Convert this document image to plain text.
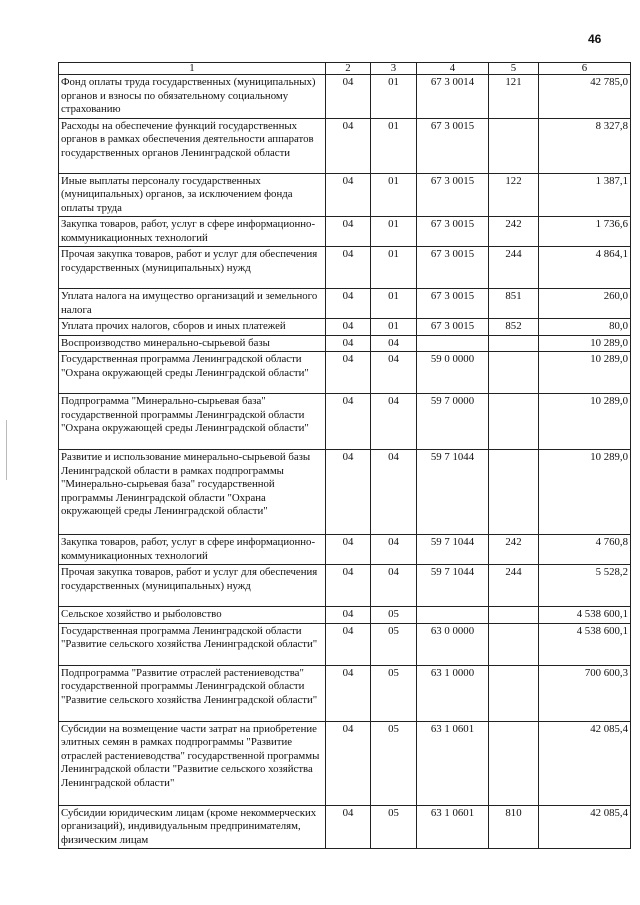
46
1	2	3	4	5	6
Фонд оплаты труда государственных (муниципальных) органов и взносы по обязательному социальному страхованию	04	01	67 3 0014	121	42 785,0
Расходы на обеспечение функций государственных органов в рамках обеспечения деятельности аппаратов государственных органов Ленинградской области	04	01	67 3 0015		8 327,8
Иные выплаты персоналу государственных (муниципальных) органов, за исключением фонда оплаты труда	04	01	67 3 0015	122	1 387,1
Закупка товаров, работ, услуг в сфере информационно-коммуникационных технологий	04	01	67 3 0015	242	1 736,6
Прочая закупка товаров, работ и услуг для обеспечения государственных (муниципальных) нужд	04	01	67 3 0015	244	4 864,1
Уплата налога на имущество организаций и земельного налога	04	01	67 3 0015	851	260,0
Уплата прочих налогов, сборов и иных платежей	04	01	67 3 0015	852	80,0
Воспроизводство минерально-сырьевой базы	04	04			10 289,0
Государственная программа Ленинградской области "Охрана окружающей среды Ленинградской области"	04	04	59 0 0000		10 289,0
Подпрограмма "Минерально-сырьевая база" государственной программы Ленинградской области "Охрана окружающей среды Ленинградской области"	04	04	59 7 0000		10 289,0
Развитие и использование минерально-сырьевой базы Ленинградской области в рамках подпрограммы "Минерально-сырьевая база" государственной программы Ленинградской области "Охрана окружающей среды Ленинградской области"	04	04	59 7 1044		10 289,0
Закупка товаров, работ, услуг в сфере информационно-коммуникационных технологий	04	04	59 7 1044	242	4 760,8
Прочая закупка товаров, работ и услуг для обеспечения государственных (муниципальных) нужд	04	04	59 7 1044	244	5 528,2
Сельское хозяйство и рыболовство	04	05			4 538 600,1
Государственная программа Ленинградской области "Развитие сельского хозяйства Ленинградской области"	04	05	63 0 0000		4 538 600,1
Подпрограмма "Развитие отраслей растениеводства" государственной программы Ленинградской области "Развитие сельского хозяйства Ленинградской области"	04	05	63 1 0000		700 600,3
Субсидии на возмещение части затрат на приобретение элитных семян в рамках подпрограммы "Развитие отраслей растениеводства" государственной программы Ленинградской области "Развитие сельского хозяйства Ленинградской области"	04	05	63 1 0601		42 085,4
Субсидии юридическим лицам (кроме некоммерческих организаций), индивидуальным предпринимателям, физическим лицам	04	05	63 1 0601	810	42 085,4
